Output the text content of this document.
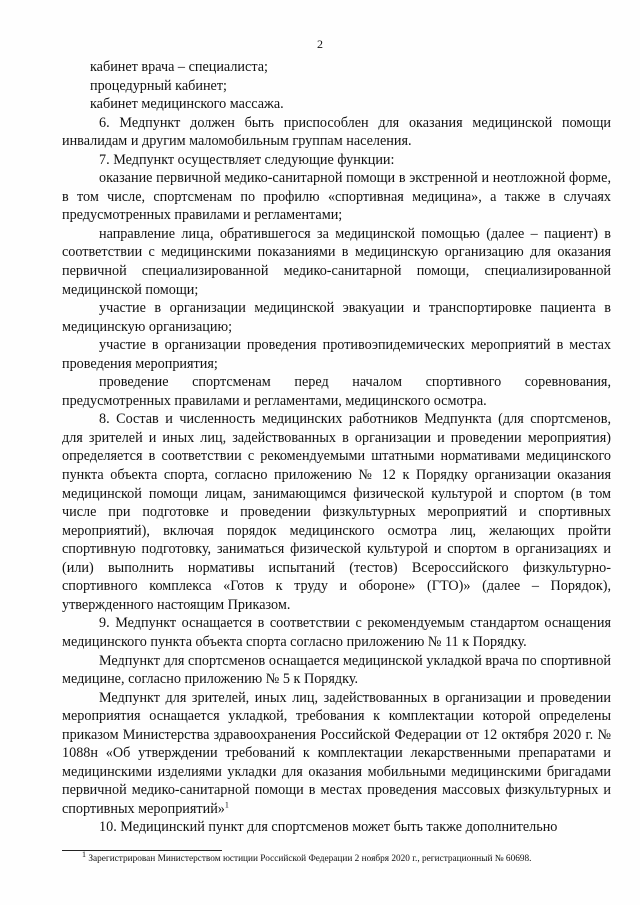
2

кабинет врача – специалиста;

процедурный кабинет;

кабинет медицинского массажа.

6. Медпункт должен быть приспособлен для оказания медицинской помощи инвалидам и другим маломобильным группам населения.

7. Медпункт осуществляет следующие функции:

оказание первичной медико-санитарной помощи в экстренной и неотложной форме, в том числе, спортсменам по профилю «спортивная медицина», а также в случаях предусмотренных правилами и регламентами;

направление лица, обратившегося за медицинской помощью (далее – пациент) в соответствии с медицинскими показаниями в медицинскую организацию для оказания первичной специализированной медико-санитарной помощи, специализированной медицинской помощи;

участие в организации медицинской эвакуации и транспортировке пациента в медицинскую организацию;

участие в организации проведения противоэпидемических мероприятий в местах проведения мероприятия;

проведение спортсменам перед началом спортивного соревнования, предусмотренных правилами и регламентами, медицинского осмотра.

8. Состав и численность медицинских работников Медпункта (для спортсменов, для зрителей и иных лиц, задействованных в организации и проведении мероприятия) определяется в соответствии с рекомендуемыми штатными нормативами медицинского пункта объекта спорта, согласно приложению № 12 к Порядку организации оказания медицинской помощи лицам, занимающимся физической культурой и спортом (в том числе при подготовке и проведении физкультурных мероприятий и спортивных мероприятий), включая порядок медицинского осмотра лиц, желающих пройти спортивную подготовку, заниматься физической культурой и спортом в организациях и (или) выполнить нормативы испытаний (тестов) Всероссийского физкультурно-спортивного комплекса «Готов к труду и обороне» (ГТО)» (далее – Порядок), утвержденного настоящим Приказом.

9. Медпункт оснащается в соответствии с рекомендуемым стандартом оснащения медицинского пункта объекта спорта согласно приложению № 11 к Порядку.

Медпункт для спортсменов оснащается медицинской укладкой врача по спортивной медицине, согласно приложению № 5 к Порядку.

Медпункт для зрителей, иных лиц, задействованных в организации и проведении мероприятия оснащается укладкой, требования к комплектации которой определены приказом Министерства здравоохранения Российской Федерации от 12 октября 2020 г. № 1088н «Об утверждении требований к комплектации лекарственными препаратами и медицинскими изделиями укладки для оказания мобильными медицинскими бригадами первичной медико-санитарной помощи в местах проведения массовых физкультурных и спортивных мероприятий»$^1$

10. Медицинский пункт для спортсменов может быть также дополнительно

$^1$ Зарегистрирован Министерством юстиции Российской Федерации 2 ноября 2020 г., регистрационный № 60698.
